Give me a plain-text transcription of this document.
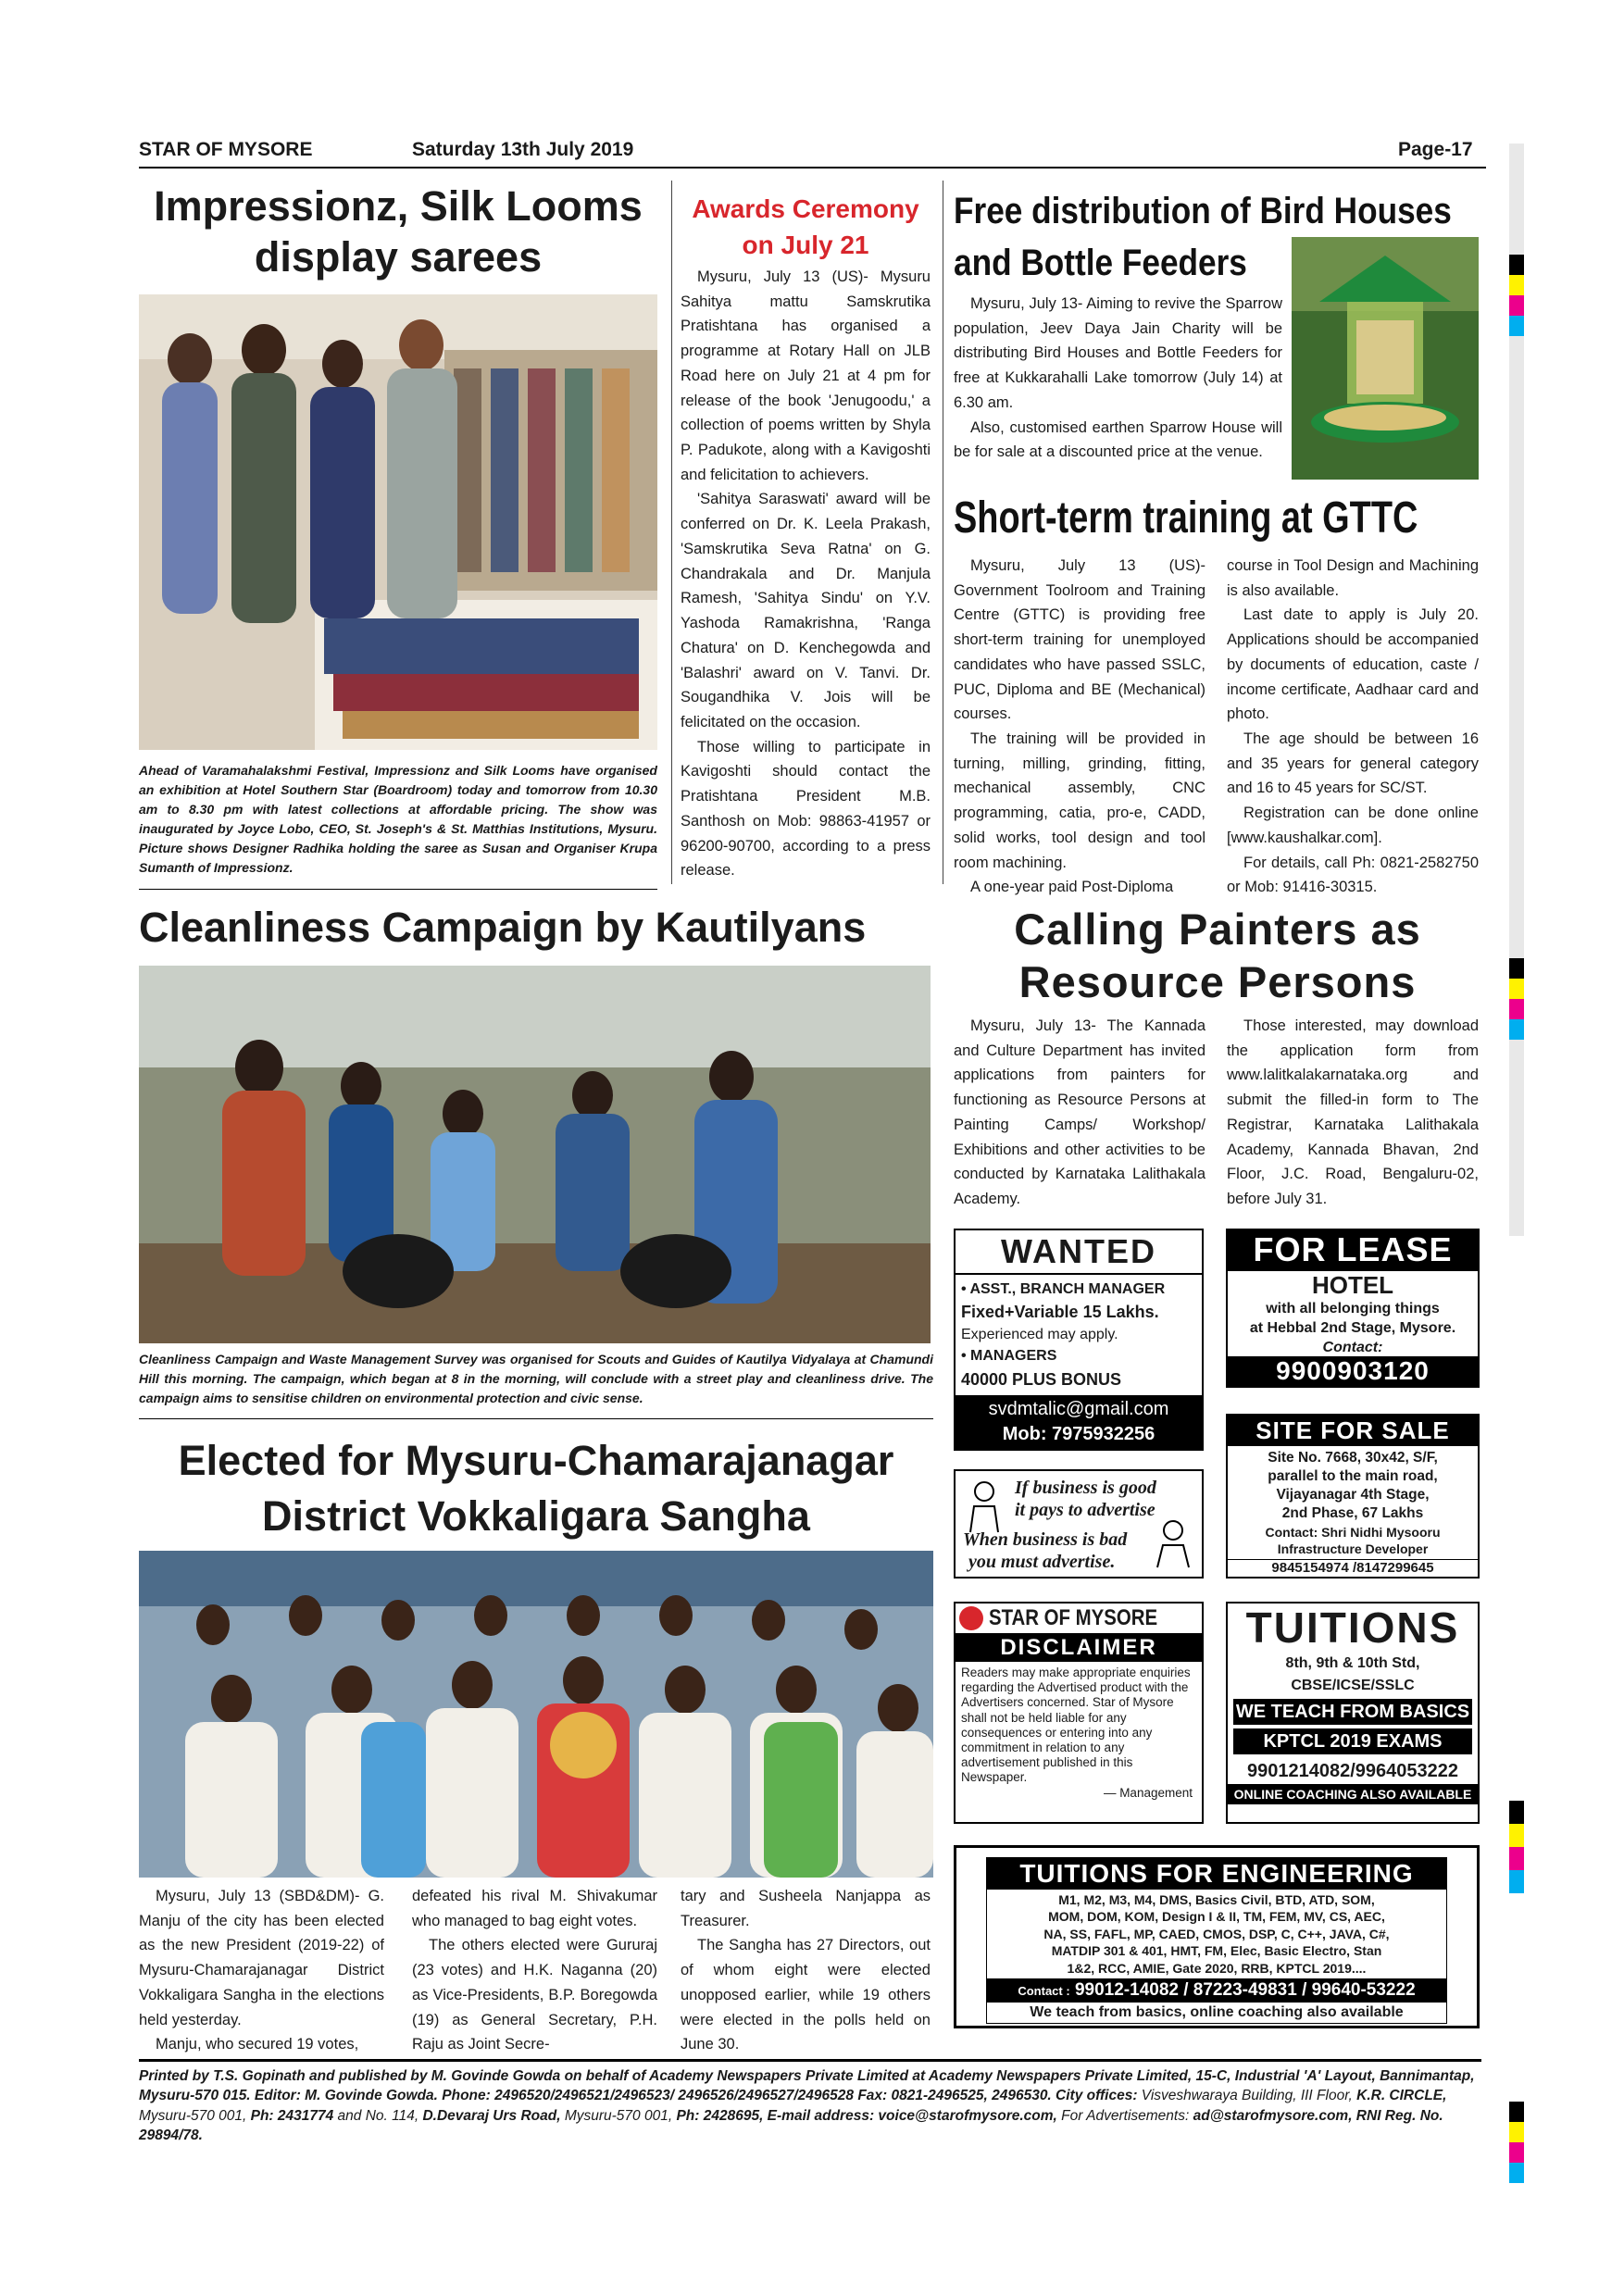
STAR OF MYSORE	Saturday 13th July 2019	Page-17
Impressionz, Silk Looms display sarees
Ahead of Varamahalakshmi Festival, Impressionz and Silk Looms have organised an exhibition at Hotel Southern Star (Boardroom) today and tomorrow from 10.30 am to 8.30 pm with latest collections at affordable pricing. The show was inaugurated by Joyce Lobo, CEO, St. Joseph's & St. Matthias Institutions, Mysuru. Picture shows Designer Radhika holding the saree as Susan and Organiser Krupa Sumanth of Impressionz.
Awards Ceremony on July 21

Mysuru, July 13 (US)- Mysuru Sahitya mattu Samskrutika Pratishtana has organised a programme at Rotary Hall on JLB Road here on July 21 at 4 pm for release of the book 'Jenugoodu,' a collection of poems written by Shyla P. Padukote, along with a Kavigoshti and felicitation to achievers.

'Sahitya Saraswati' award will be conferred on Dr. K. Leela Prakash, 'Samskrutika Seva Ratna' on G. Chandrakala and Dr. Manjula Ramesh, 'Sahitya Sindu' on Y.V. Yashoda Ramakrishna, 'Ranga Chatura' on D. Kenchegowda and 'Balashri' award on V. Tanvi. Dr. Sougandhika V. Jois will be felicitated on the occasion.

Those willing to participate in Kavigoshti should contact the Pratishtana President M.B. Santhosh on Mob: 98863-41957 or 96200-90700, according to a press release.

Free distribution of Bird Houses and Bottle Feeders

Mysuru, July 13- Aiming to revive the Sparrow population, Jeev Daya Jain Charity will be distributing Bird Houses and Bottle Feeders for free at Kukkarahalli Lake tomorrow (July 14) at 6.30 am.

Also, customised earthen Sparrow House will be for sale at a discounted price at the venue.

Short-term training at GTTC

Mysuru, July 13 (US)- Government Toolroom and Training Centre (GTTC) is providing free short-term training for unemployed candidates who have passed SSLC, PUC, Diploma and BE (Mechanical) courses.

The training will be provided in turning, milling, grinding, fitting, mechanical assembly, CNC programming, catia, pro-e, CADD, solid works, tool design and tool room machining.

A one-year paid Post-Diploma

course in Tool Design and Machining is also available.

Last date to apply is July 20. Applications should be accompanied by documents of education, caste / income certificate, Aadhaar card and photo.

The age should be between 16 and 35 years for general category and 16 to 45 years for SC/ST.

Registration can be done online [www.kaushalkar.com].

For details, call Ph: 0821-2582750 or Mob: 91416-30315.

Cleanliness Campaign by Kautilyans
Cleanliness Campaign and Waste Management Survey was organised for Scouts and Guides of Kautilya Vidyalaya at Chamundi Hill this morning. The campaign, which began at 8 in the morning, will conclude with a street play and cleanliness drive. The campaign aims to sensitise children on environmental protection and civic sense.
Calling Painters as Resource Persons

Mysuru, July 13- The Kannada and Culture Department has invited applications from painters for functioning as Resource Persons at Painting Camps/ Workshop/ Exhibitions and other activities to be conducted by Karnataka Lalithakala Academy.

Those interested, may download the application form from www.lalitkalakarnataka.org and submit the filled-in form to The Registrar, Karnataka Lalithakala Academy, Kannada Bhavan, 2nd Floor, J.C. Road, Bengaluru-02, before July 31.

Elected for Mysuru-Chamarajanagar District Vokkaligara Sangha

Mysuru, July 13 (SBD&DM)- G. Manju of the city has been elected as the new President (2019-22) of Mysuru-Chamarajanagar District Vokkaligara Sangha in the elections held yesterday.

Manju, who secured 19 votes,

defeated his rival M. Shivakumar who managed to bag eight votes.

The others elected were Gururaj (23 votes) and H.K. Naganna (20) as Vice-Presidents, B.P. Boregowda (19) as General Secretary, P.H. Raju as Joint Secre-

tary and Susheela Nanjappa as Treasurer.

The Sangha has 27 Directors, out of whom eight were elected unopposed earlier, while 19 others were elected in the polls held on June 30.

WANTED
• ASST., BRANCH MANAGER
Fixed+Variable 15 Lakhs.
Experienced may apply.
• MANAGERS
40000 PLUS BONUS
svdmtalic@gmail.com
Mob: 7975932256
FOR LEASE
HOTEL
with all belonging things
at Hebbal 2nd Stage, Mysore.
Contact:
9900903120
SITE FOR SALE
Site No. 7668, 30x42, S/F,
parallel to the main road,
Vijayanagar 4th Stage,
2nd Phase, 67 Lakhs
Contact: Shri Nidhi Mysooru
Infrastructure Developer
9845154974 /8147299645
If business is good
it pays to advertise
When business is bad
you must advertise.
STAR OF MYSORE
DISCLAIMER
Readers may make appropriate enquiries regarding the Advertised product with the Advertisers concerned. Star of Mysore shall not be held liable for any consequences or entering into any commitment in relation to any advertisement published in this Newspaper.
— Management
TUITIONS
8th, 9th & 10th Std, CBSE/ICSE/SSLC
WE TEACH FROM BASICS
KPTCL 2019 EXAMS
9901214082/9964053222
ONLINE COACHING ALSO AVAILABLE
TUITIONS FOR ENGINEERING
M1, M2, M3, M4, DMS, Basics Civil, BTD, ATD, SOM,
MOM, DOM, KOM, Design I & II, TM, FEM, MV, CS, AEC,
NA, SS, FAFL, MP, CAED, CMOS, DSP, C, C++, JAVA, C#,
MATDIP 301 & 401, HMT, FM, Elec, Basic Electro, Stan
1&2, RCC, AMIE, Gate 2020, RRB, KPTCL 2019....
Contact : 99012-14082 / 87223-49831 / 99640-53222
We teach from basics, online coaching also available
Printed by T.S. Gopinath and published by M. Govinde Gowda on behalf of Academy Newspapers Private Limited at Academy Newspapers Private Limited, 15-C, Industrial 'A' Layout, Bannimantap, Mysuru-570 015. Editor: M. Govinde Gowda. Phone: 2496520/2496521/2496523/ 2496526/2496527/2496528 Fax: 0821-2496525, 2496530. City offices: Visveshwaraya Building, III Floor, K.R. CIRCLE, Mysuru-570 001, Ph: 2431774 and No. 114, D.Devaraj Urs Road, Mysuru-570 001, Ph: 2428695, E-mail address: voice@starofmysore.com, For Advertisements: ad@starofmysore.com, RNI Reg. No. 29894/78.
